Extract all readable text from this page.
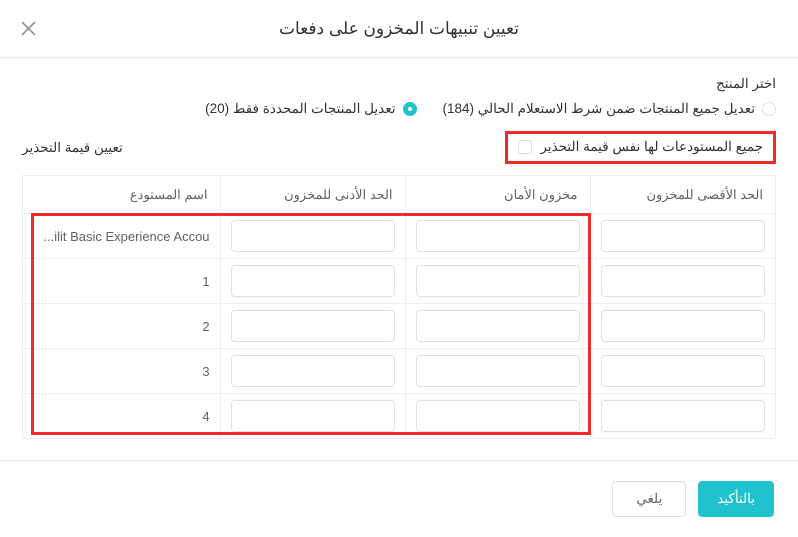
تعيين تنبيهات المخزون على دفعات
اختر المنتج
تعديل جميع المنتجات ضمن شرط الاستعلام الحالي (184)
تعديل المنتجات المحددة فقط (20)
جميع المستودعات لها نفس قيمة التحذير
تعيين قيمة التحذير
الحد الأقصى للمخزون	مخزون الأمان	الحد الأدنى للمخزون	اسم المستودع
			ilit Basic Experience Accou...
			1
			2
			3
			4
بالتأكيد
يلغي
